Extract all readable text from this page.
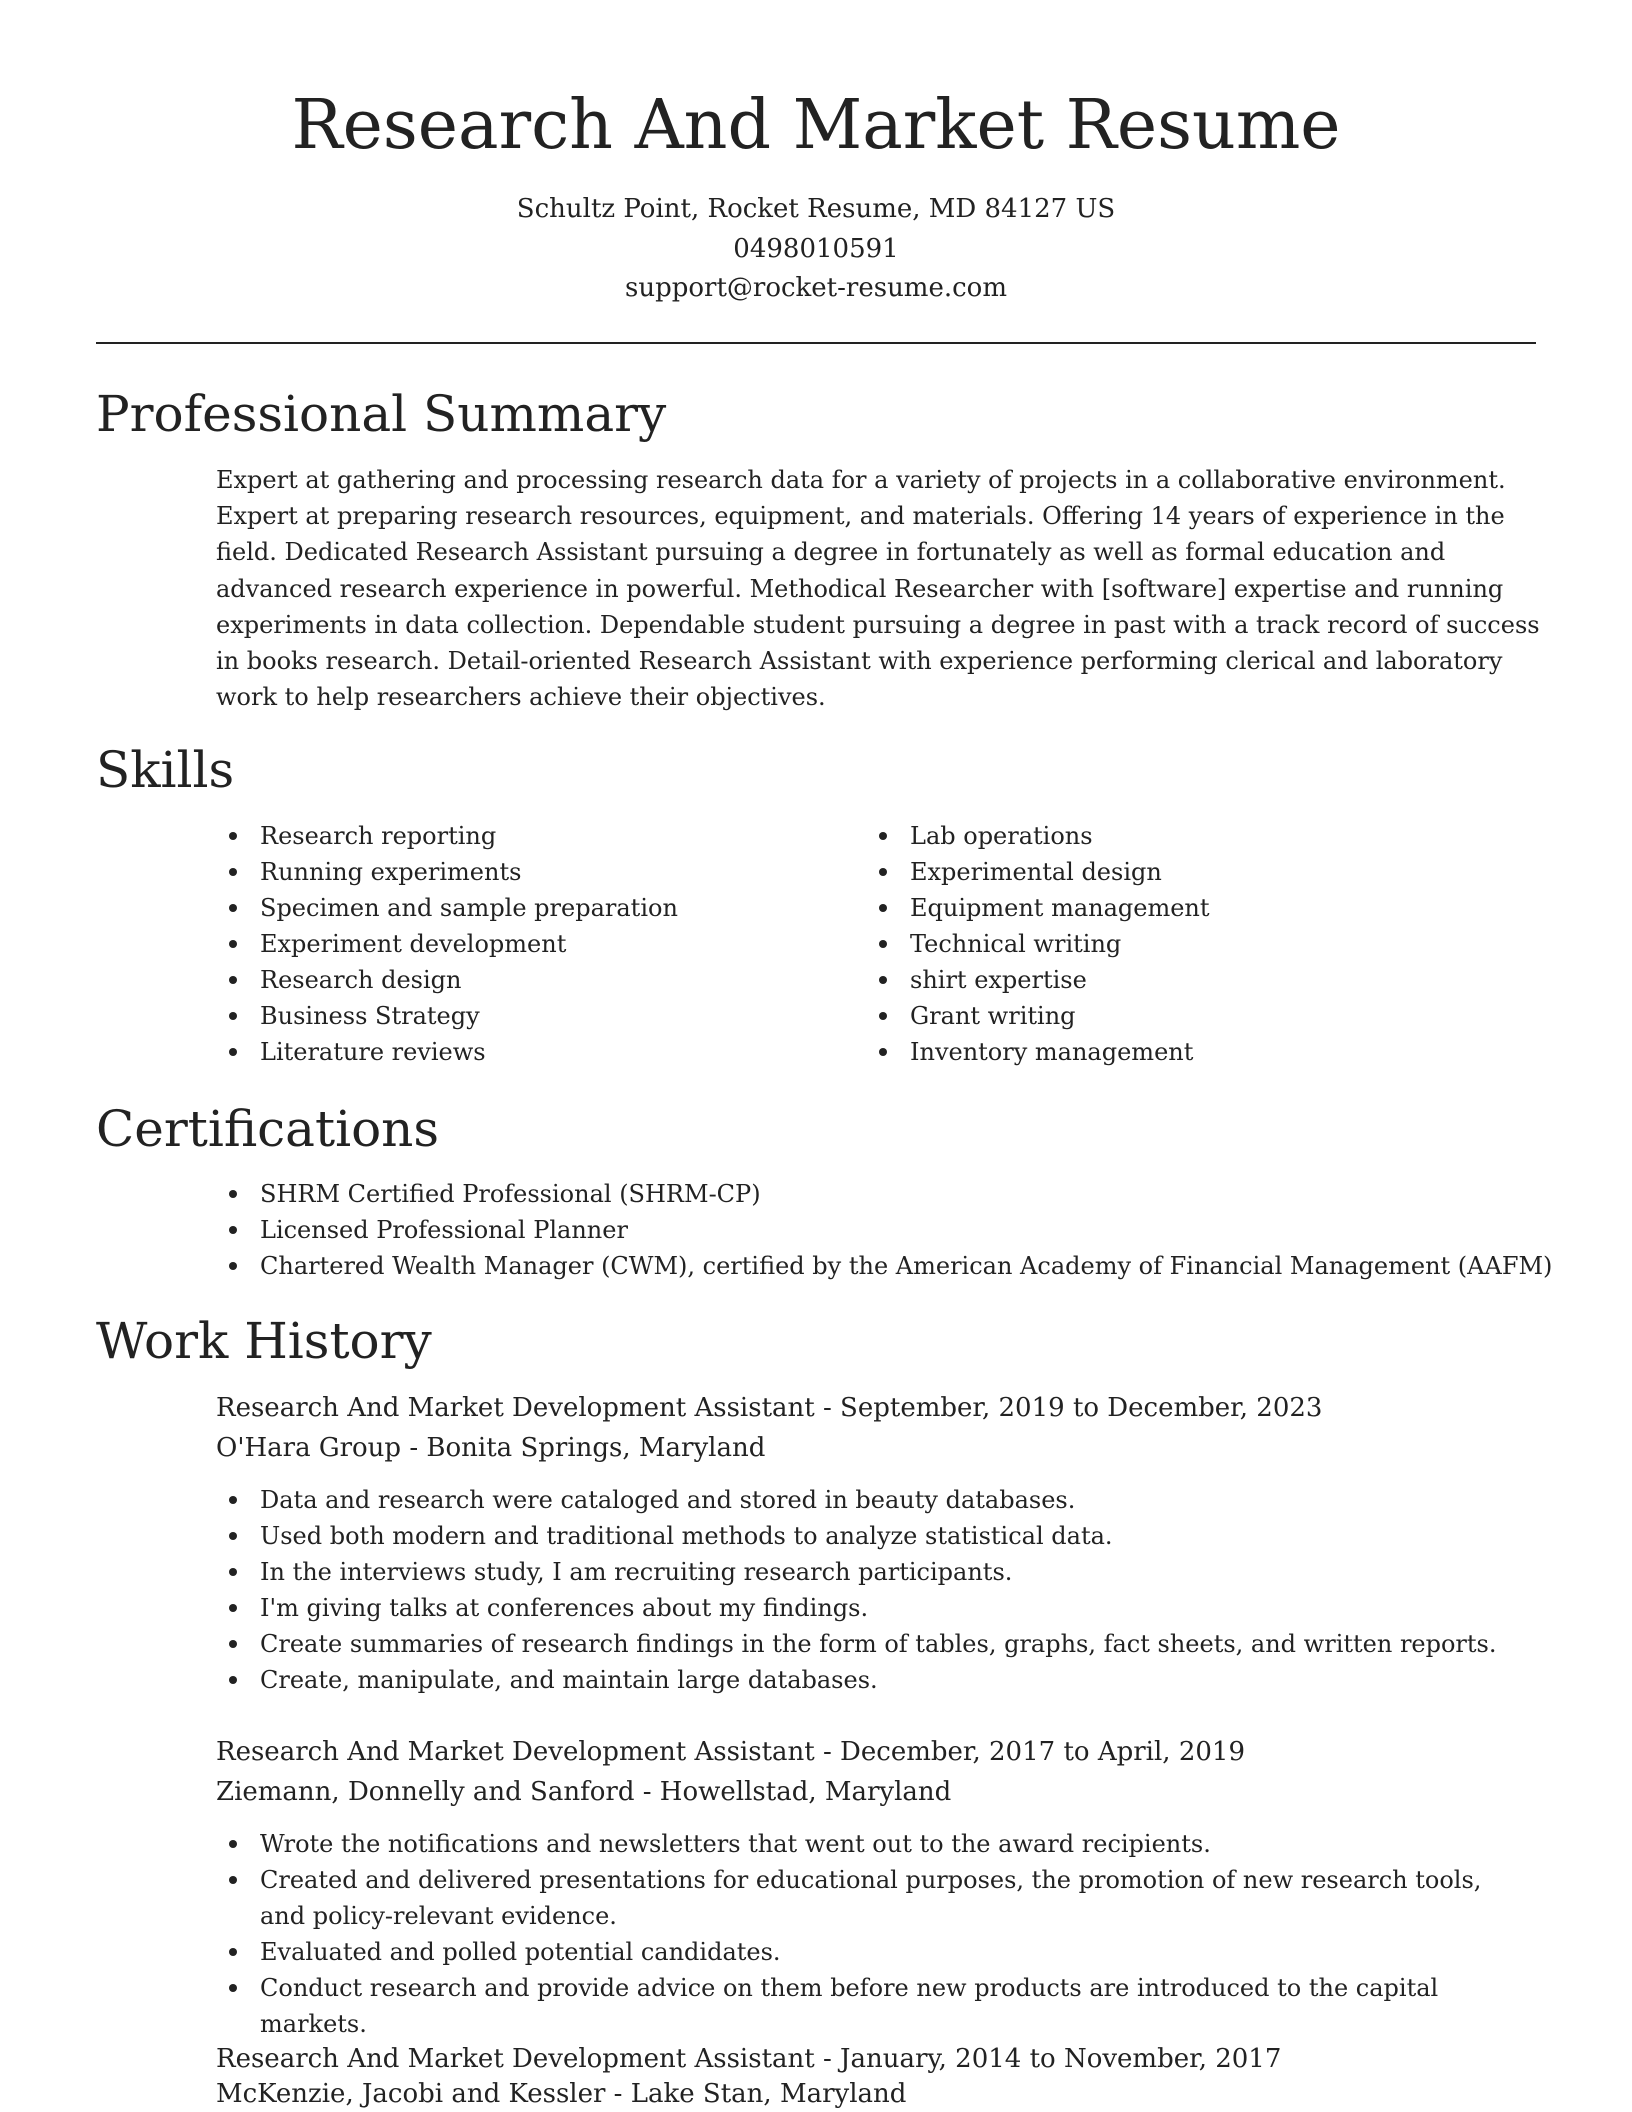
Research And Market Resume
Schultz Point, Rocket Resume, MD 84127 US
0498010591
support@rocket-resume.com
Professional Summary
Expert at gathering and processing research data for a variety of projects in a collaborative environment. Expert at preparing research resources, equipment, and materials. Offering 14 years of experience in the field. Dedicated Research Assistant pursuing a degree in fortunately as well as formal education and advanced research experience in powerful. Methodical Researcher with [software] expertise and running experiments in data collection. Dependable student pursuing a degree in past with a track record of success in books research. Detail-oriented Research Assistant with experience performing clerical and laboratory work to help researchers achieve their objectives.
Skills
Research reporting
Running experiments
Specimen and sample preparation
Experiment development
Research design
Business Strategy
Literature reviews
Lab operations
Experimental design
Equipment management
Technical writing
shirt expertise
Grant writing
Inventory management
Certifications
SHRM Certified Professional (SHRM-CP)
Licensed Professional Planner
Chartered Wealth Manager (CWM), certified by the American Academy of Financial Management (AAFM)
Work History
Research And Market Development Assistant - September, 2019 to December, 2023
O'Hara Group - Bonita Springs, Maryland
Data and research were cataloged and stored in beauty databases.
Used both modern and traditional methods to analyze statistical data.
In the interviews study, I am recruiting research participants.
I'm giving talks at conferences about my findings.
Create summaries of research findings in the form of tables, graphs, fact sheets, and written reports.
Create, manipulate, and maintain large databases.
Research And Market Development Assistant - December, 2017 to April, 2019
Ziemann, Donnelly and Sanford - Howellstad, Maryland
Wrote the notifications and newsletters that went out to the award recipients.
Created and delivered presentations for educational purposes, the promotion of new research tools, and policy-relevant evidence.
Evaluated and polled potential candidates.
Conduct research and provide advice on them before new products are introduced to the capital markets.
Research And Market Development Assistant - January, 2014 to November, 2017
McKenzie, Jacobi and Kessler - Lake Stan, Maryland
